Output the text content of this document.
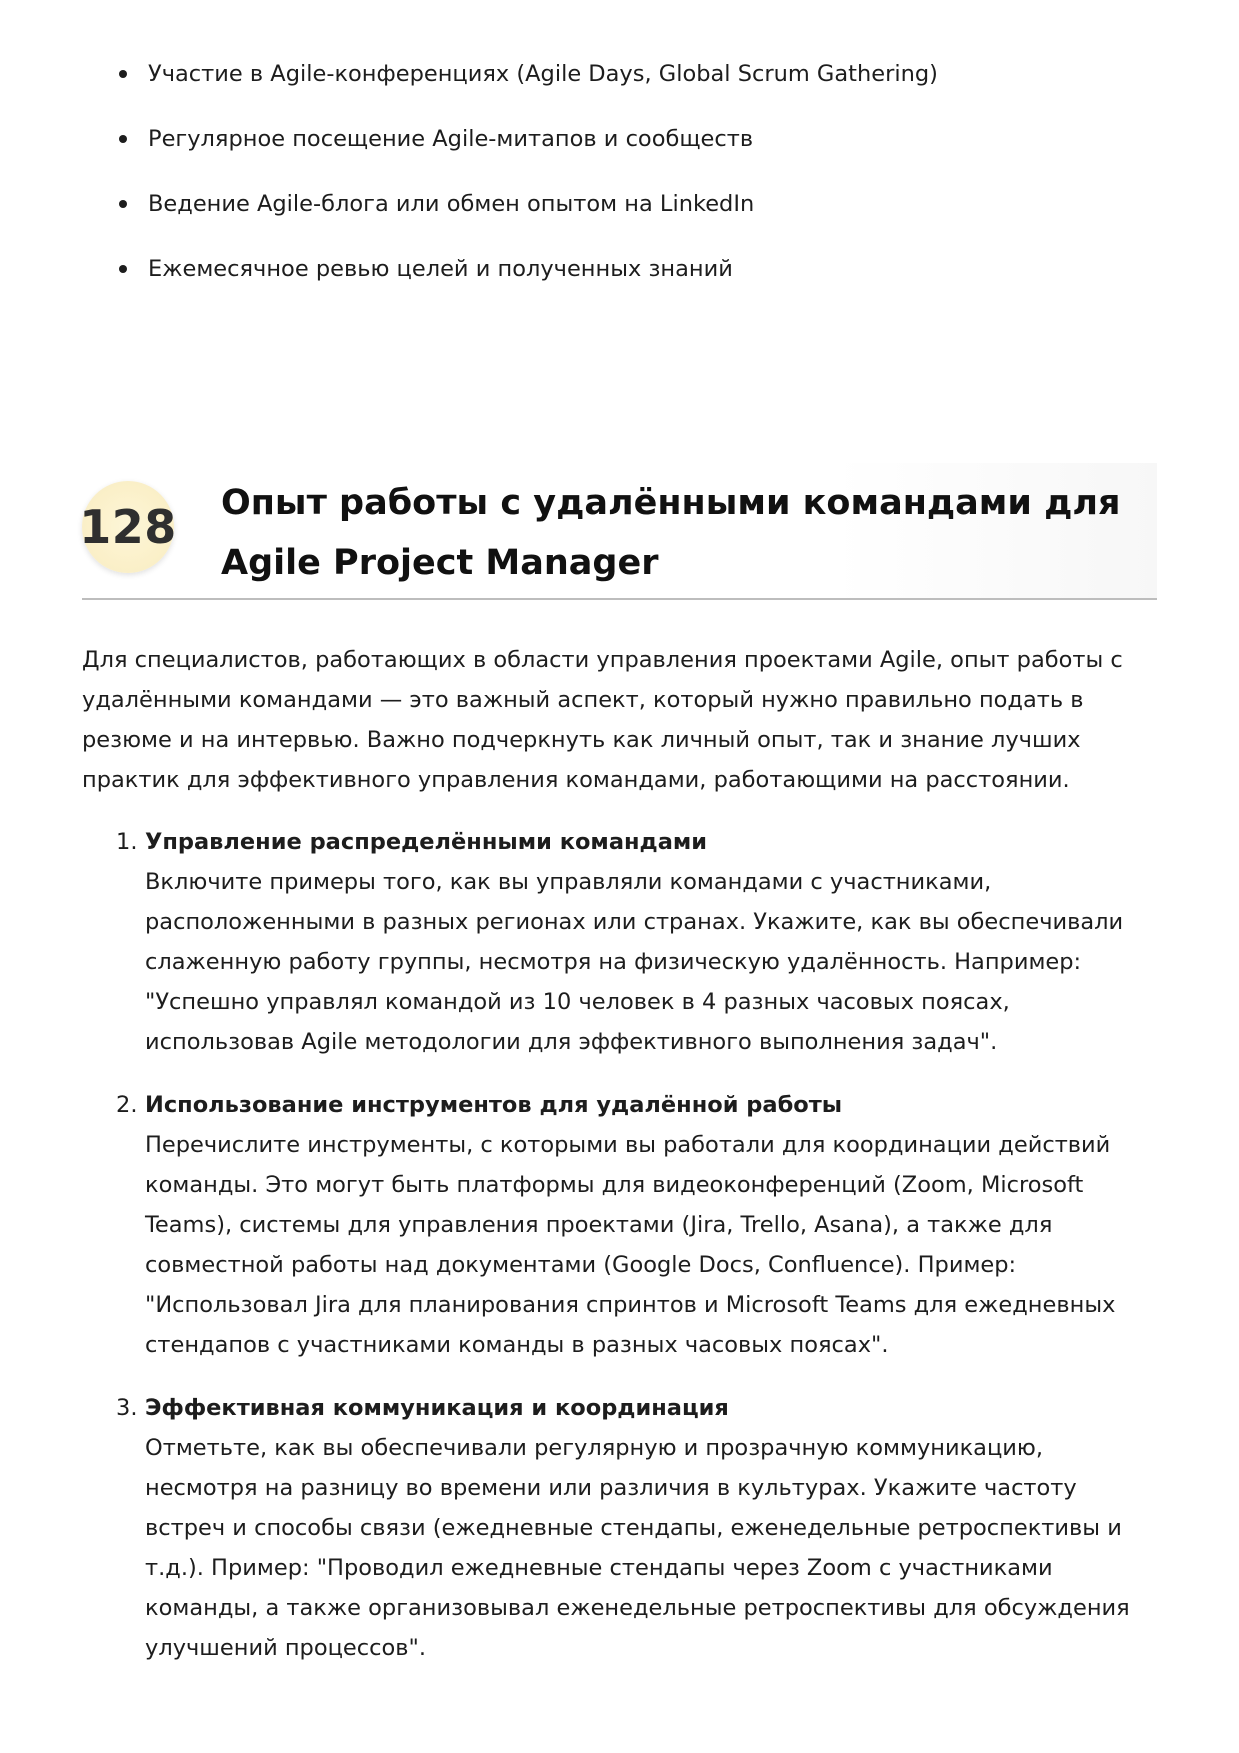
Участие в Agile-конференциях (Agile Days, Global Scrum Gathering)
Регулярное посещение Agile-митапов и сообществ
Ведение Agile-блога или обмен опытом на LinkedIn
Ежемесячное ревью целей и полученных знаний
128 Опыт работы с удалёнными командами для Agile Project Manager

Для специалистов, работающих в области управления проектами Agile, опыт работы с удалёнными командами — это важный аспект, который нужно правильно подать в резюме и на интервью. Важно подчеркнуть как личный опыт, так и знание лучших практик для эффективного управления командами, работающими на расстоянии.

1. Управление распределёнными командами
Включите примеры того, как вы управляли командами с участниками, расположенными в разных регионах или странах. Укажите, как вы обеспечивали слаженную работу группы, несмотря на физическую удалённость. Например: "Успешно управлял командой из 10 человек в 4 разных часовых поясах, использовав Agile методологии для эффективного выполнения задач".
2. Использование инструментов для удалённой работы
Перечислите инструменты, с которыми вы работали для координации действий команды. Это могут быть платформы для видеоконференций (Zoom, Microsoft Teams), системы для управления проектами (Jira, Trello, Asana), а также для совместной работы над документами (Google Docs, Confluence). Пример: "Использовал Jira для планирования спринтов и Microsoft Teams для ежедневных стендапов с участниками команды в разных часовых поясах".
3. Эффективная коммуникация и координация
Отметьте, как вы обеспечивали регулярную и прозрачную коммуникацию, несмотря на разницу во времени или различия в культурах. Укажите частоту встреч и способы связи (ежедневные стендапы, еженедельные ретроспективы и т.д.). Пример: "Проводил ежедневные стендапы через Zoom с участниками команды, а также организовывал еженедельные ретроспективы для обсуждения улучшений процессов".
